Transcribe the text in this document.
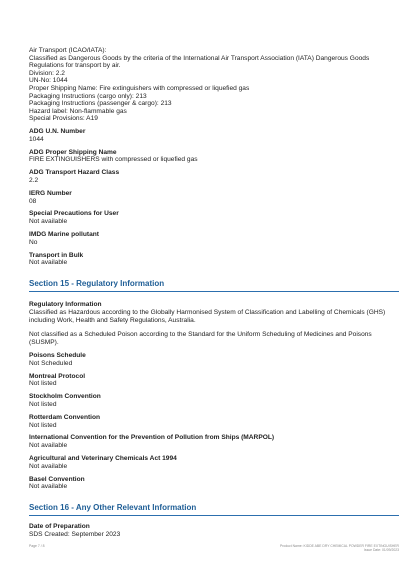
Air Transport (ICAO/IATA):

Classified as Dangerous Goods by the criteria of the International Air Transport Association (IATA) Dangerous Goods Regulations for transport by air.

Division: 2.2

UN-No: 1044

Proper Shipping Name: Fire extinguishers with compressed or liquefied gas

Packaging Instructions (cargo only): 213

Packaging Instructions (passenger & cargo): 213

Hazard label: Non-flammable gas

Special Provisions: A19

ADG U.N. Number

1044

ADG Proper Shipping Name

FIRE EXTINGUISHERS with compressed or liquefied gas

ADG Transport Hazard Class

2.2

IERG Number

08

Special Precautions for User

Not available

IMDG Marine pollutant

No

Transport in Bulk

Not available

Section 15 - Regulatory Information

Regulatory Information

Classified as Hazardous according to the Globally Harmonised System of Classification and Labelling of Chemicals (GHS) including Work, Health and Safety Regulations, Australia.

Not classified as a Scheduled Poison according to the Standard for the Uniform Scheduling of Medicines and Poisons (SUSMP).

Poisons Schedule

Not Scheduled

Montreal Protocol

Not listed

Stockholm Convention

Not listed

Rotterdam Convention

Not listed

International Convention for the Prevention of Pollution from Ships (MARPOL)

Not available

Agricultural and Veterinary Chemicals Act 1994

Not available

Basel Convention

Not available

Section 16 - Any Other Relevant Information

Date of Preparation

SDS Created: September 2023

Page 7 / 8	Product Name: KIDDE ABE DRY CHEMICAL POWDER FIRE EXTINGUISHER
Issue Date: 01/09/2023
